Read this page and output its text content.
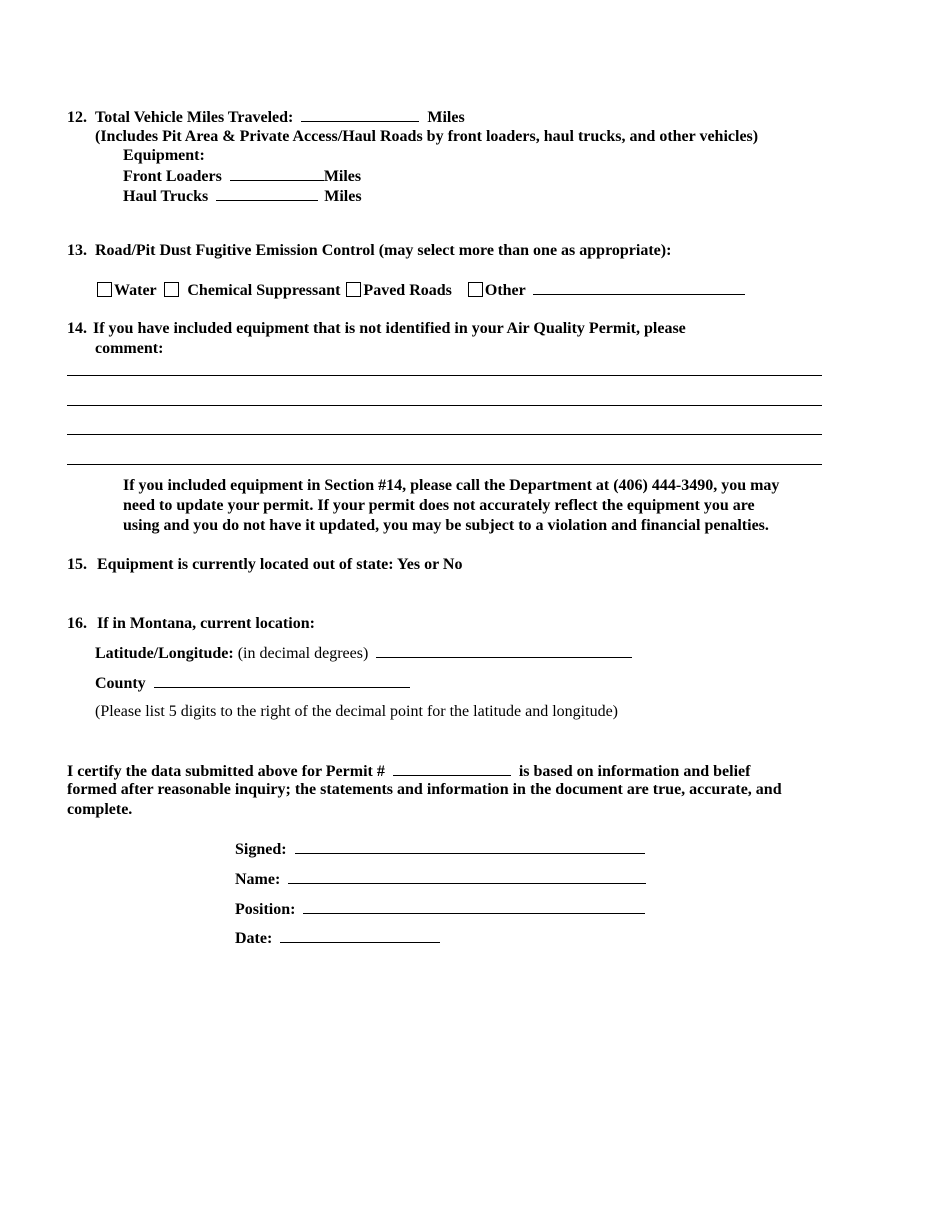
12. Total Vehicle Miles Traveled:	Miles
(Includes Pit Area & Private Access/Haul Roads by front loaders, haul trucks, and other vehicles)
Equipment:
Front Loaders	Miles
Haul Trucks	Miles
13. Road/Pit Dust Fugitive Emission Control (may select more than one as appropriate):
Water Chemical Suppressant Paved Roads Other
14. If you have included equipment that is not identified in your Air Quality Permit, please
comment:
If you included equipment in Section #14, please call the Department at (406) 444-3490, you may
need to update your permit. If your permit does not accurately reflect the equipment you are
using and you do not have it updated, you may be subject to a violation and financial penalties.
15. Equipment is currently located out of state: Yes or No
16. If in Montana, current location:
Latitude/Longitude: (in decimal degrees)
County
(Please list 5 digits to the right of the decimal point for the latitude and longitude)
I certify the data submitted above for Permit #	is based on information and belief
formed after reasonable inquiry; the statements and information in the document are true, accurate, and
complete.
Signed:
Name:
Position:
Date:
